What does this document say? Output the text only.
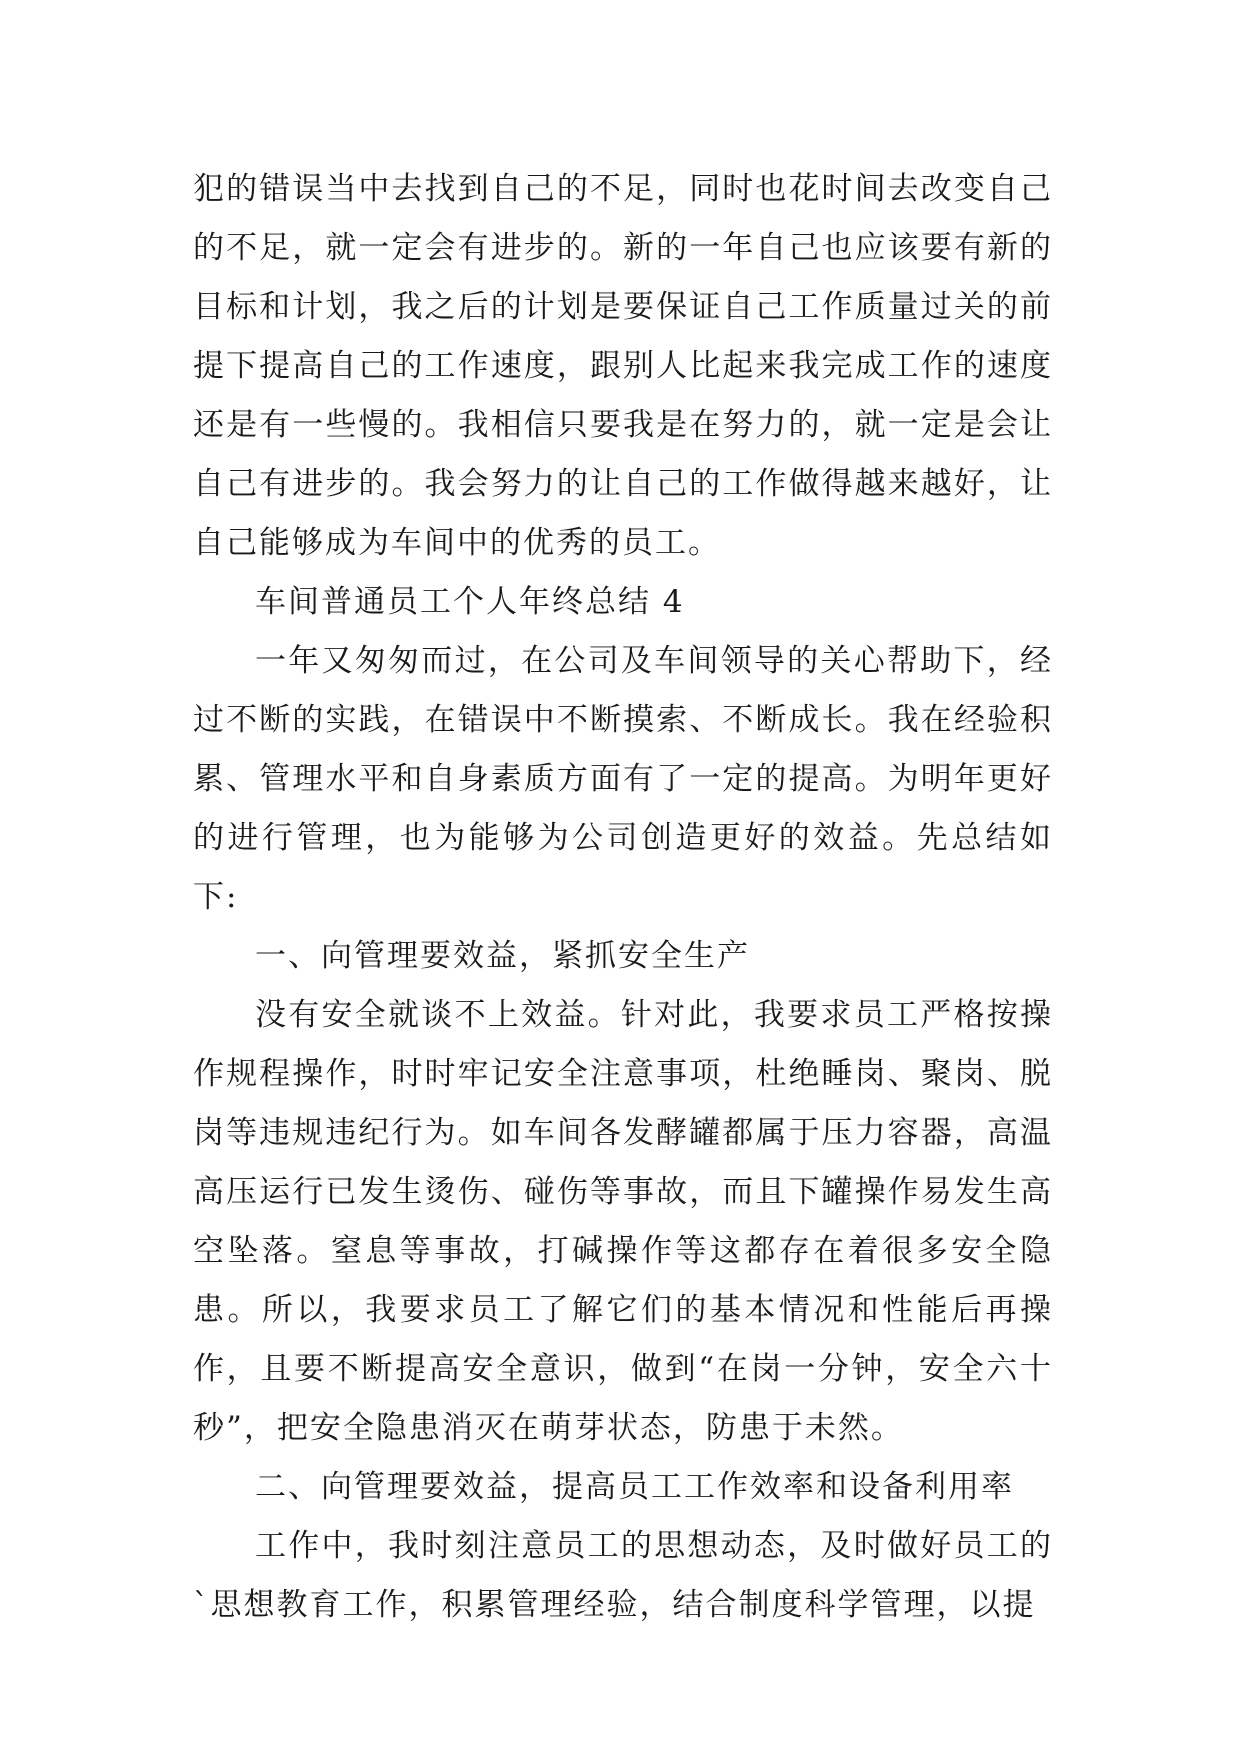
犯的错误当中去找到自己的不足，同时也花时间去改变自己的不足，就一定会有进步的。新的一年自己也应该要有新的目标和计划，我之后的计划是要保证自己工作质量过关的前提下提高自己的工作速度，跟别人比起来我完成工作的速度还是有一些慢的。我相信只要我是在努力的，就一定是会让自己有进步的。我会努力的让自己的工作做得越来越好，让自己能够成为车间中的优秀的员工。

车间普通员工个人年终总结 4

一年又匆匆而过，在公司及车间领导的关心帮助下，经过不断的实践，在错误中不断摸索、不断成长。我在经验积累、管理水平和自身素质方面有了一定的提高。为明年更好的进行管理，也为能够为公司创造更好的效益。先总结如下:

一、向管理要效益，紧抓安全生产

没有安全就谈不上效益。针对此，我要求员工严格按操作规程操作，时时牢记安全注意事项，杜绝睡岗、聚岗、脱岗等违规违纪行为。如车间各发酵罐都属于压力容器，高温高压运行已发生烫伤、碰伤等事故，而且下罐操作易发生高空坠落。窒息等事故，打碱操作等这都存在着很多安全隐患。所以，我要求员工了解它们的基本情况和性能后再操作，且要不断提高安全意识，做到“在岗一分钟，安全六十秒”，把安全隐患消灭在萌芽状态，防患于未然。

二、向管理要效益，提高员工工作效率和设备利用率

工作中，我时刻注意员工的思想动态，及时做好员工的`思想教育工作，积累管理经验，结合制度科学管理，以提
